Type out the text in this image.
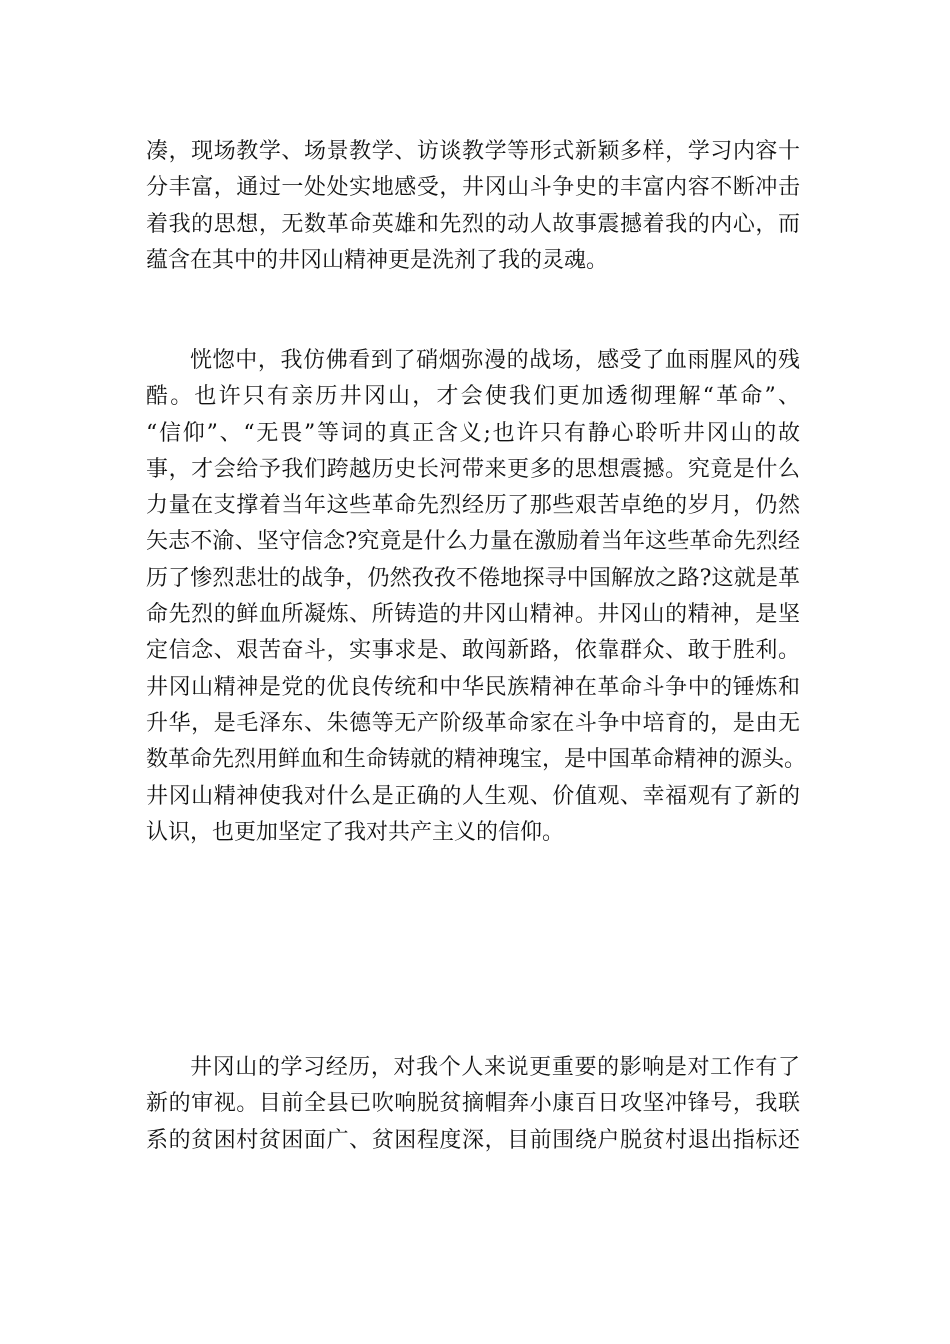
凑，现场教学、场景教学、访谈教学等形式新颖多样，学习内容十
分丰富，通过一处处实地感受，井冈山斗争史的丰富内容不断冲击
着我的思想，无数革命英雄和先烈的动人故事震撼着我的内心，而
蕴含在其中的井冈山精神更是洗剂了我的灵魂。
恍惚中，我仿佛看到了硝烟弥漫的战场，感受了血雨腥风的残
酷。也许只有亲历井冈山，才会使我们更加透彻理解“革命”、
“信仰”、“无畏”等词的真正含义;也许只有静心聆听井冈山的故
事，才会给予我们跨越历史长河带来更多的思想震撼。究竟是什么
力量在支撑着当年这些革命先烈经历了那些艰苦卓绝的岁月，仍然
矢志不渝、坚守信念?究竟是什么力量在激励着当年这些革命先烈经
历了惨烈悲壮的战争，仍然孜孜不倦地探寻中国解放之路?这就是革
命先烈的鲜血所凝炼、所铸造的井冈山精神。井冈山的精神，是坚
定信念、艰苦奋斗，实事求是、敢闯新路，依靠群众、敢于胜利。
井冈山精神是党的优良传统和中华民族精神在革命斗争中的锤炼和
升华，是毛泽东、朱德等无产阶级革命家在斗争中培育的，是由无
数革命先烈用鲜血和生命铸就的精神瑰宝，是中国革命精神的源头。
井冈山精神使我对什么是正确的人生观、价值观、幸福观有了新的
认识，也更加坚定了我对共产主义的信仰。
井冈山的学习经历，对我个人来说更重要的影响是对工作有了
新的审视。目前全县已吹响脱贫摘帽奔小康百日攻坚冲锋号，我联
系的贫困村贫困面广、贫困程度深，目前围绕户脱贫村退出指标还
